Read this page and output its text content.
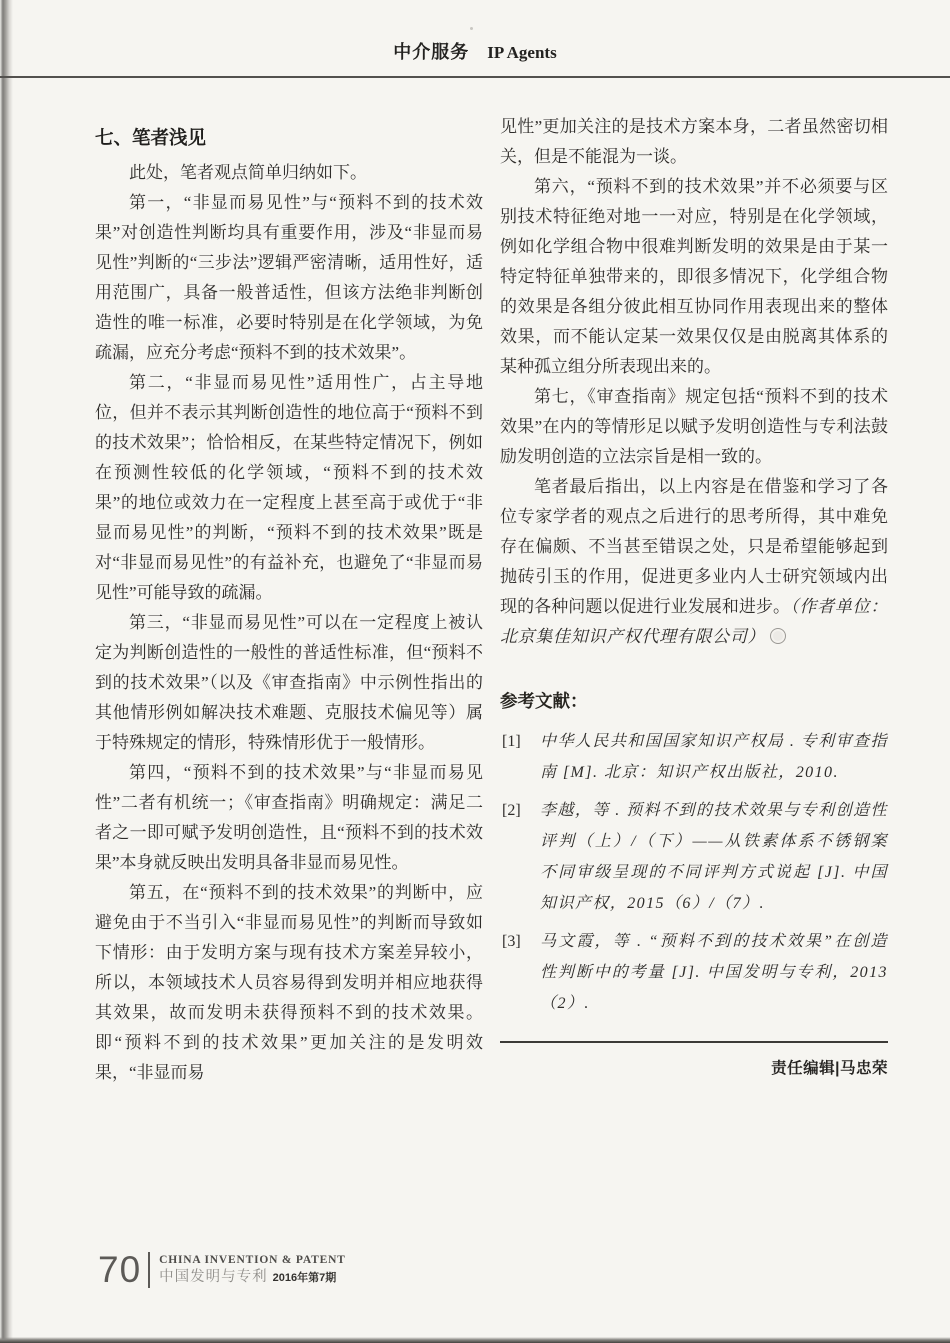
中介服务 IP Agents
七、笔者浅见

此处，笔者观点简单归纳如下。

第一，“非显而易见性”与“预料不到的技术效果”对创造性判断均具有重要作用，涉及“非显而易见性”判断的“三步法”逻辑严密清晰，适用性好，适用范围广，具备一般普适性，但该方法绝非判断创造性的唯一标准，必要时特别是在化学领域，为免疏漏，应充分考虑“预料不到的技术效果”。

第二，“非显而易见性”适用性广，占主导地位，但并不表示其判断创造性的地位高于“预料不到的技术效果”；恰恰相反，在某些特定情况下，例如在预测性较低的化学领域，“预料不到的技术效果”的地位或效力在一定程度上甚至高于或优于“非显而易见性”的判断，“预料不到的技术效果”既是对“非显而易见性”的有益补充，也避免了“非显而易见性”可能导致的疏漏。

第三，“非显而易见性”可以在一定程度上被认定为判断创造性的一般性的普适性标准，但“预料不到的技术效果”（以及《审查指南》中示例性指出的其他情形例如解决技术难题、克服技术偏见等）属于特殊规定的情形，特殊情形优于一般情形。

第四，“预料不到的技术效果”与“非显而易见性”二者有机统一；《审查指南》明确规定：满足二者之一即可赋予发明创造性，且“预料不到的技术效果”本身就反映出发明具备非显而易见性。

第五，在“预料不到的技术效果”的判断中，应避免由于不当引入“非显而易见性”的判断而导致如下情形：由于发明方案与现有技术方案差异较小，所以，本领域技术人员容易得到发明并相应地获得其效果，故而发明未获得预料不到的技术效果。即“预料不到的技术效果”更加关注的是发明效果，“非显而易

见性”更加关注的是技术方案本身，二者虽然密切相关，但是不能混为一谈。

第六，“预料不到的技术效果”并不必须要与区别技术特征绝对地一一对应，特别是在化学领域，例如化学组合物中很难判断发明的效果是由于某一特定特征单独带来的，即很多情况下，化学组合物的效果是各组分彼此相互协同作用表现出来的整体效果，而不能认定某一效果仅仅是由脱离其体系的某种孤立组分所表现出来的。

第七，《审查指南》规定包括“预料不到的技术效果”在内的等情形足以赋予发明创造性与专利法鼓励发明创造的立法宗旨是相一致的。

笔者最后指出，以上内容是在借鉴和学习了各位专家学者的观点之后进行的思考所得，其中难免存在偏颇、不当甚至错误之处，只是希望能够起到抛砖引玉的作用，促进更多业内人士研究领域内出现的各种问题以促进行业发展和进步。（作者单位：北京集佳知识产权代理有限公司）

参考文献：
[1] 中华人民共和国国家知识产权局 . 专利审查指南 [M]. 北京：知识产权出版社，2010.
[2] 李越，等 . 预料不到的技术效果与专利创造性评判（上）/（下）——从铁素体系不锈钢案不同审级呈现的不同评判方式说起 [J]. 中国知识产权，2015（6）/（7）.
[3] 马文霞，等 . “预料不到的技术效果”在创造性判断中的考量 [J]. 中国发明与专利，2013（2）.
责任编辑|马忠荣
70 CHINA INVENTION & PATENT
中国发明与专利 2016年第7期
